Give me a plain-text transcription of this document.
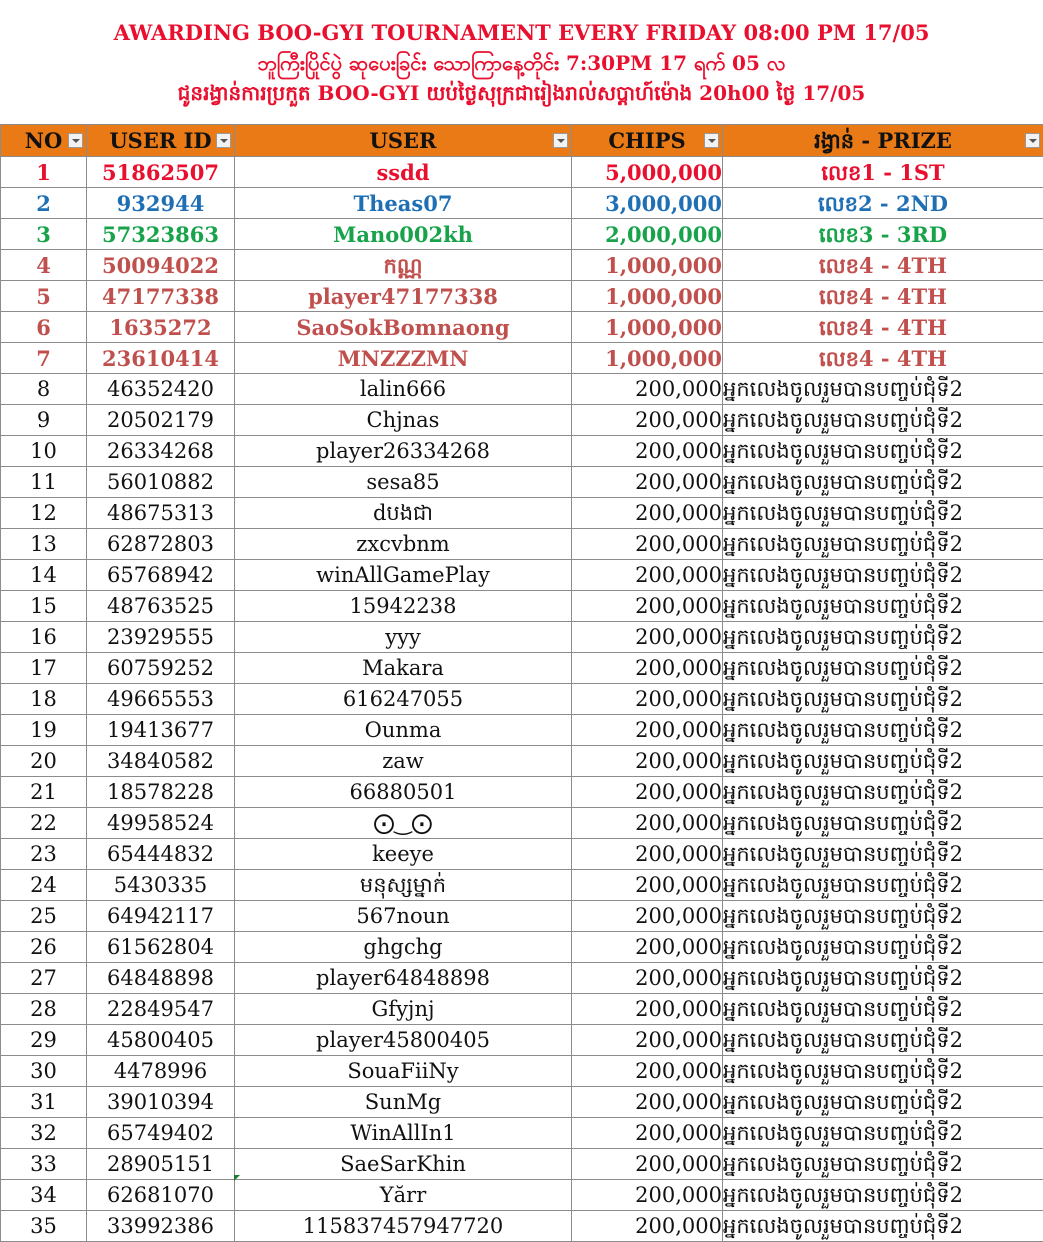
AWARDING BOO-GYI TOURNAMENT EVERY FRIDAY 08:00 PM 17/05
ဘူကြီးပြိုင်ပွဲ ဆုပေးခြင်း သောကြာနေ့တိုင်း 7:30PM 17 ရက် 05 လ
ជូនរង្វាន់ការប្រកួត BOO-GYI យប់ថ្ងៃសុក្រជារៀងរាល់សប្តាហ៍ម៉ោង 20h00 ថ្ងៃ 17/05
NO	USER ID	USER	CHIPS	រង្វាន់ - PRIZE

1	51862507	ssdd	5,000,000	លេខ1 - 1ST
2	932944	Theas07	3,000,000	លេខ2 - 2ND
3	57323863	Mano002kh	2,000,000	លេខ3 - 3RD
4	50094022	កណ្ណ	1,000,000	លេខ4 - 4TH
5	47177338	player47177338	1,000,000	លេខ4 - 4TH
6	1635272	SaoSokBomnaong	1,000,000	លេខ4 - 4TH
7	23610414	MNZZZMN	1,000,000	លេខ4 - 4TH
8	46352420	lalin666	200,000	អ្នកលេងចូលរួមបានបញ្ចប់ជុំទី2
9	20502179	Chjnas	200,000	អ្នកលេងចូលរួមបានបញ្ចប់ជុំទី2
10	26334268	player26334268	200,000	អ្នកលេងចូលរួមបានបញ្ចប់ជុំទី2
11	56010882	sesa85	200,000	អ្នកលេងចូលរួមបានបញ្ចប់ជុំទី2
12	48675313	dបងជា	200,000	អ្នកលេងចូលរួមបានបញ្ចប់ជុំទី2
13	62872803	zxcvbnm	200,000	អ្នកលេងចូលរួមបានបញ្ចប់ជុំទី2
14	65768942	winAllGamePlay	200,000	អ្នកលេងចូលរួមបានបញ្ចប់ជុំទី2
15	48763525	15942238	200,000	អ្នកលេងចូលរួមបានបញ្ចប់ជុំទី2
16	23929555	yyy	200,000	អ្នកលេងចូលរួមបានបញ្ចប់ជុំទី2
17	60759252	Makara	200,000	អ្នកលេងចូលរួមបានបញ្ចប់ជុំទី2
18	49665553	616247055	200,000	អ្នកលេងចូលរួមបានបញ្ចប់ជុំទី2
19	19413677	Ounma	200,000	អ្នកលេងចូលរួមបានបញ្ចប់ជុំទី2
20	34840582	zaw	200,000	អ្នកលេងចូលរួមបានបញ្ចប់ជុំទី2
21	18578228	66880501	200,000	អ្នកលេងចូលរួមបានបញ្ចប់ជុំទី2
22	49958524	⨀‿⨀	200,000	អ្នកលេងចូលរួមបានបញ្ចប់ជុំទី2
23	65444832	keeye	200,000	អ្នកលេងចូលរួមបានបញ្ចប់ជុំទី2
24	5430335	មនុស្សម្នាក់	200,000	អ្នកលេងចូលរួមបានបញ្ចប់ជុំទី2
25	64942117	567noun	200,000	អ្នកលេងចូលរួមបានបញ្ចប់ជុំទី2
26	61562804	ghgchg	200,000	អ្នកលេងចូលរួមបានបញ្ចប់ជុំទី2
27	64848898	player64848898	200,000	អ្នកលេងចូលរួមបានបញ្ចប់ជុំទី2
28	22849547	Gfyjnj	200,000	អ្នកលេងចូលរួមបានបញ្ចប់ជុំទី2
29	45800405	player45800405	200,000	អ្នកលេងចូលរួមបានបញ្ចប់ជុំទី2
30	4478996	SouaFiiNy	200,000	អ្នកលេងចូលរួមបានបញ្ចប់ជុំទី2
31	39010394	SunMg	200,000	អ្នកលេងចូលរួមបានបញ្ចប់ជុំទី2
32	65749402	WinAllIn1	200,000	អ្នកលេងចូលរួមបានបញ្ចប់ជុំទី2
33	28905151	SaeSarKhin	200,000	អ្នកលេងចូលរួមបានបញ្ចប់ជុំទី2
34	62681070	Yărr	200,000	អ្នកលេងចូលរួមបានបញ្ចប់ជុំទី2
35	33992386	115837457947720	200,000	អ្នកលេងចូលរួមបានបញ្ចប់ជុំទី2
